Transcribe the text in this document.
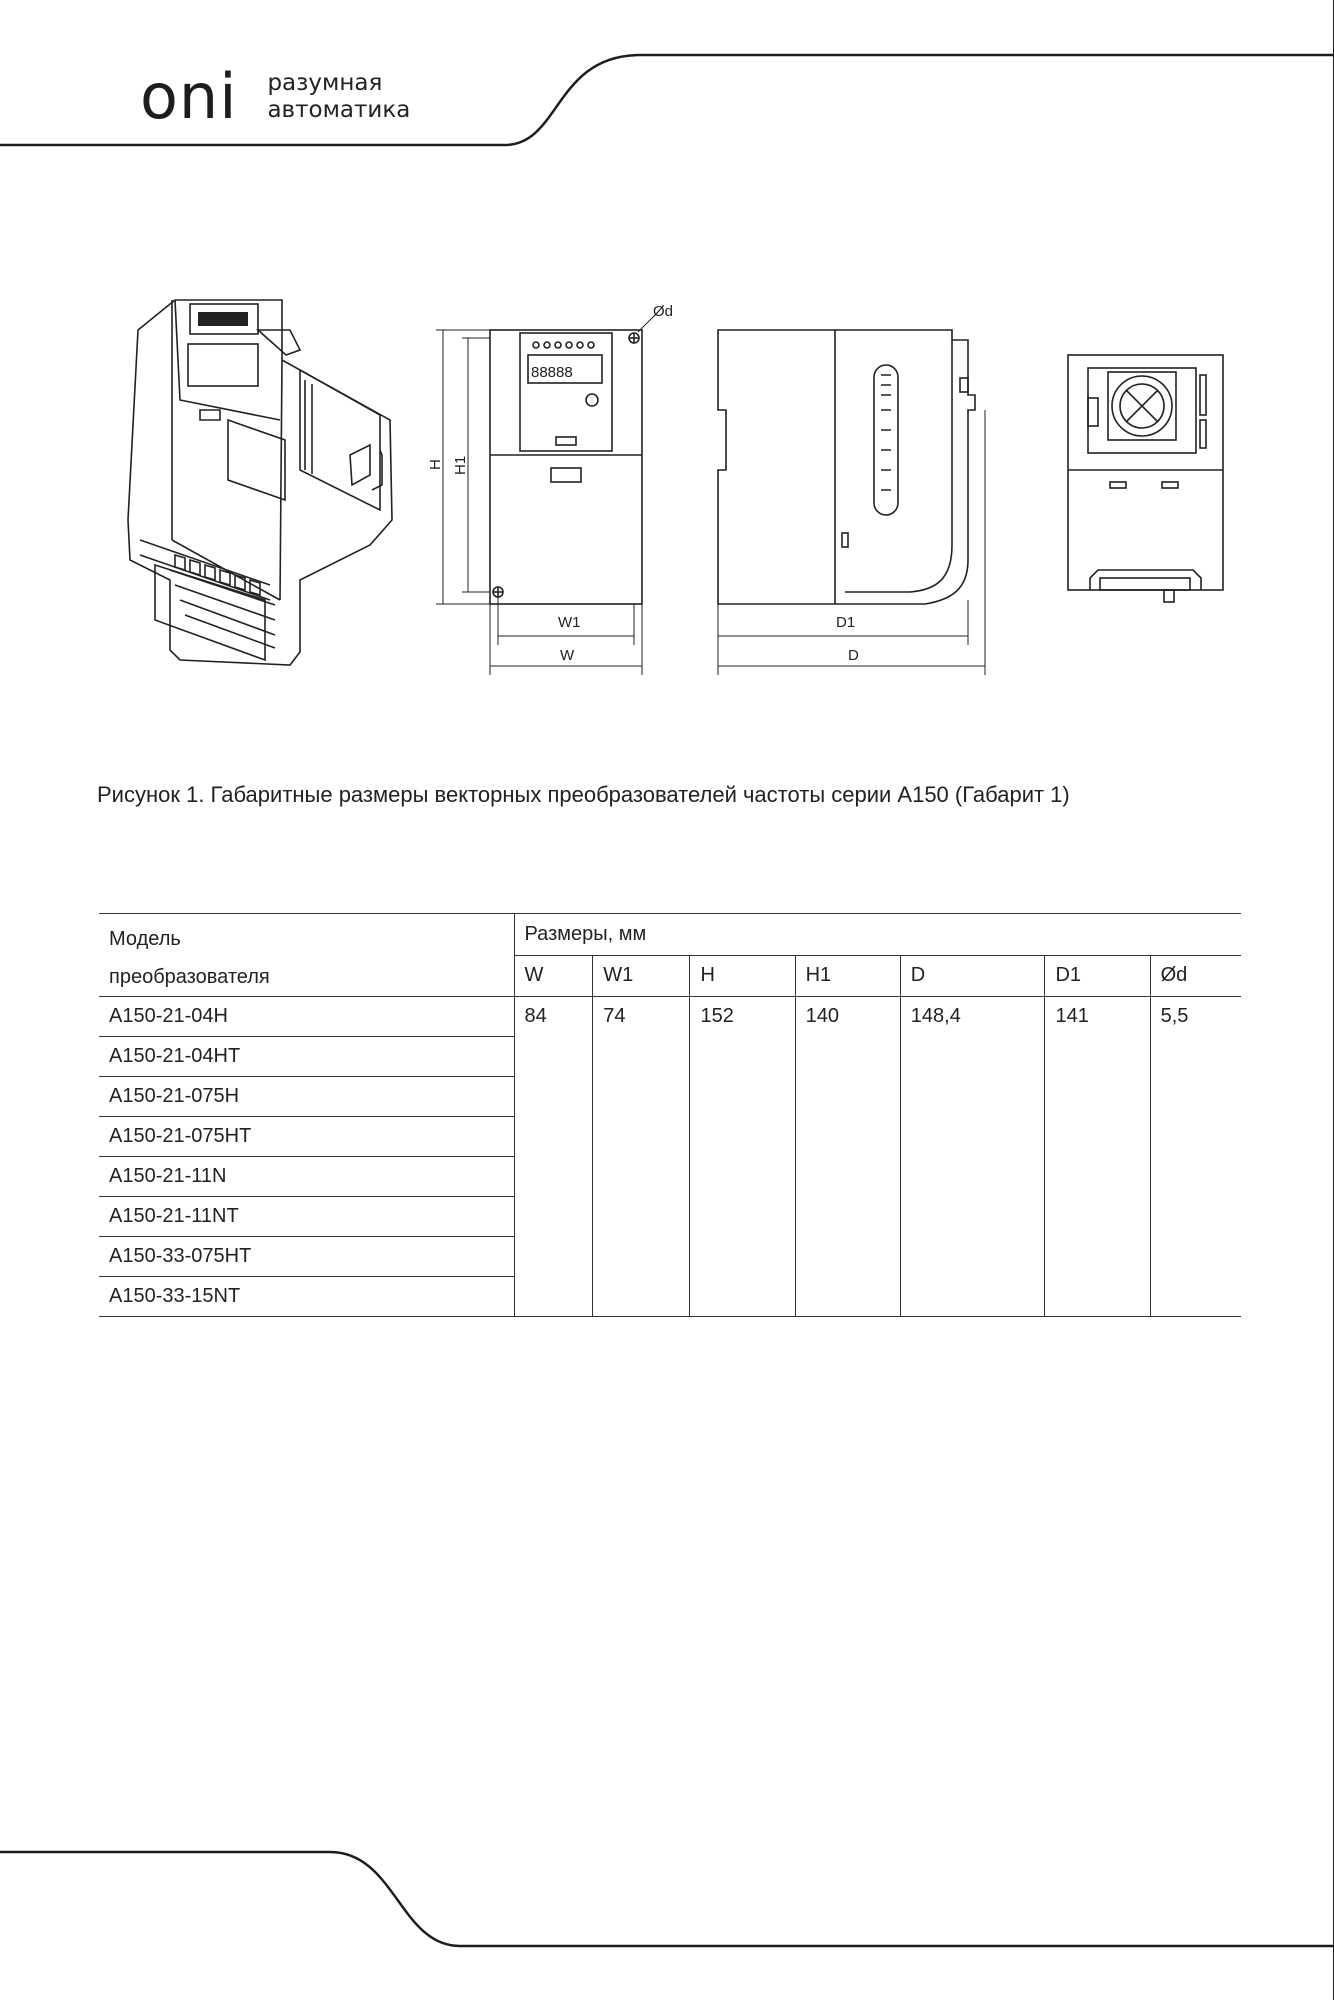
oni разумная
автоматика
88888
88888
Ød
H H1
W1
W
D1
D
Рисунок 1. Габаритные размеры векторных преобразователей частоты серии A150 (Габарит 1)
Модель
преобразователя	Размеры, мм						
	W	W1	H	H1	D	D1	Ød
A150-21-04H	84	74	152	140	148,4	141	5,5
A150-21-04HT							
A150-21-075H							
A150-21-075HT							
A150-21-11N							
A150-21-11NT							
A150-33-075HT							
A150-33-15NT							
